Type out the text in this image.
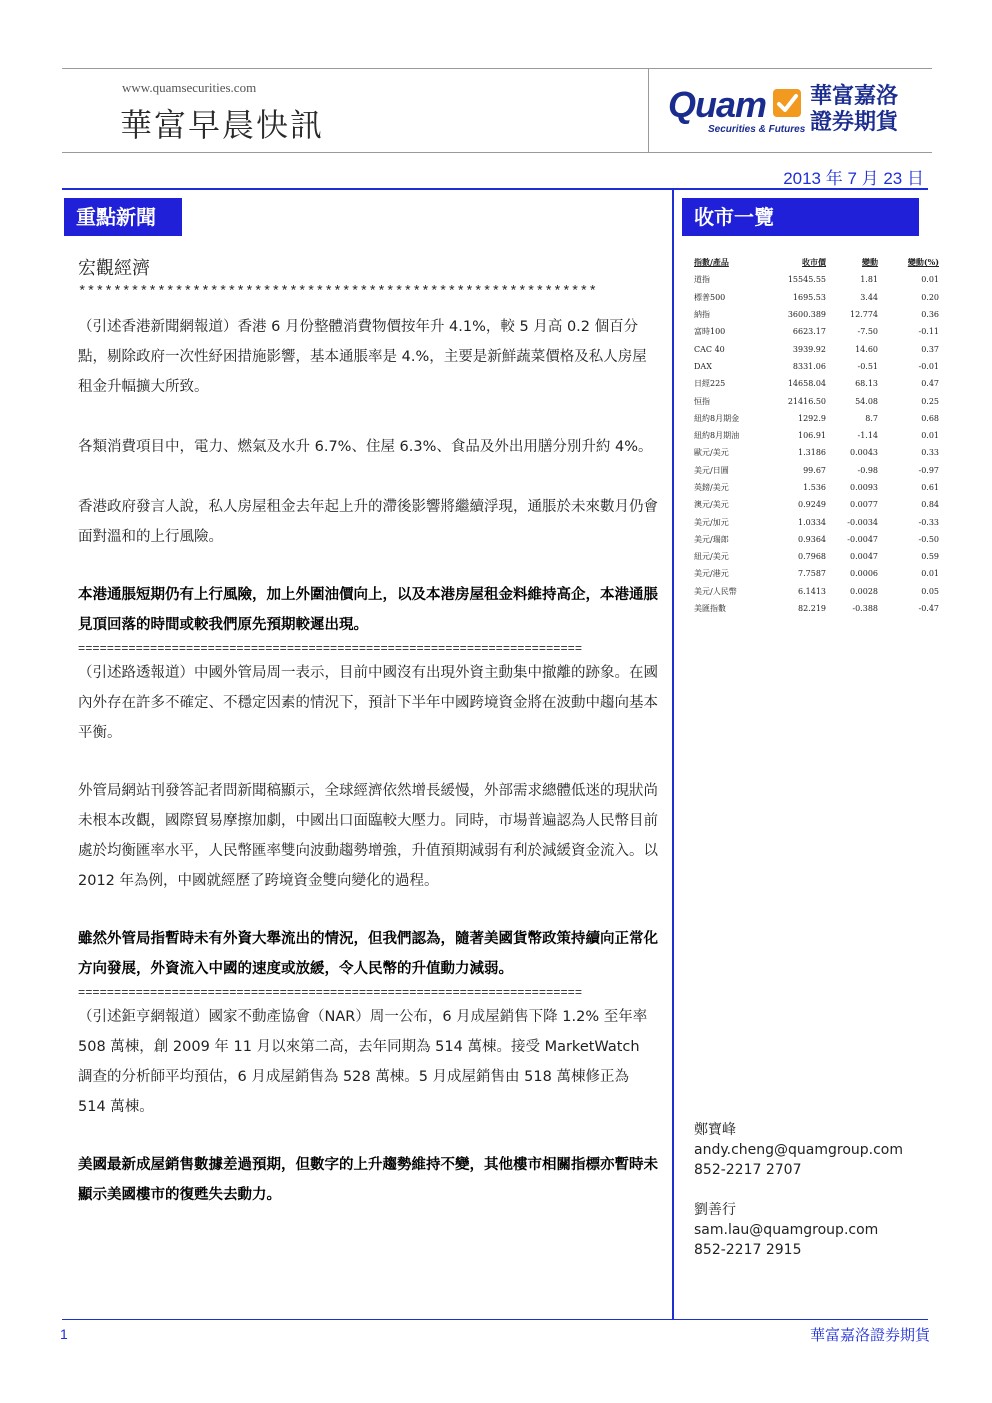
www.quamsecurities.com
華富早晨快訊	Quam
Securities & Futures
華富嘉洛
證券期貨
2013 年 7 月 23 日
重點新聞	收市一覽
宏觀經濟
***********************************************************

（引述香港新聞網報道）香港 6 月份整體消費物價按年升 4.1%，較 5 月高 0.2 個百分點，剔除政府一次性紓困措施影響，基本通脹率是 4.%，主要是新鮮蔬菜價格及私人房屋租金升幅擴大所致。

各類消費項目中，電力、燃氣及水升 6.7%、住屋 6.3%、食品及外出用膳分別升約 4%。

香港政府發言人說，私人房屋租金去年起上升的滯後影響將繼續浮現，通脹於未來數月仍會面對溫和的上行風險。

本港通脹短期仍有上行風險，加上外圍油價向上，以及本港房屋租金料維持高企，本港通脹見頂回落的時間或較我們原先預期較遲出現。

======================================================================

（引述路透報道）中國外管局周一表示，目前中國沒有出現外資主動集中撤離的跡象。在國內外存在許多不確定、不穩定因素的情況下，預計下半年中國跨境資金將在波動中趨向基本平衡。

外管局網站刊發答記者問新聞稿顯示，全球經濟依然增長緩慢，外部需求總體低迷的現狀尚未根本改觀，國際貿易摩擦加劇，中國出口面臨較大壓力。同時，市場普遍認為人民幣目前處於均衡匯率水平，人民幣匯率雙向波動趨勢增強，升值預期減弱有利於減緩資金流入。以 2012 年為例，中國就經歷了跨境資金雙向變化的過程。

雖然外管局指暫時未有外資大舉流出的情況，但我們認為，隨著美國貨幣政策持續向正常化方向發展，外資流入中國的速度或放緩，令人民幣的升值動力減弱。

======================================================================

（引述鉅亨網報道）國家不動產協會（NAR）周一公布，6 月成屋銷售下降 1.2% 至年率 508 萬棟，創 2009 年 11 月以來第二高，去年同期為 514 萬棟。接受 MarketWatch 調查的分析師平均預估，6 月成屋銷售為 528 萬棟。5 月成屋銷售由 518 萬棟修正為 514 萬棟。

美國最新成屋銷售數據差過預期，但數字的上升趨勢維持不變，其他樓市相關指標亦暫時未顯示美國樓市的復甦失去動力。

指數/產品	收市價	變動	變動(%)
道指	15545.55	1.81	0.01
標普500	1695.53	3.44	0.20
納指	3600.389	12.774	0.36
富時100	6623.17	-7.50	-0.11
CAC 40	3939.92	14.60	0.37
DAX	8331.06	-0.51	-0.01
日經225	14658.04	68.13	0.47
恒指	21416.50	54.08	0.25
紐約8月期金	1292.9	8.7	0.68
紐約8月期油	106.91	-1.14	0.01
歐元/美元	1.3186	0.0043	0.33
美元/日圓	99.67	-0.98	-0.97
英鎊/美元	1.536	0.0093	0.61
澳元/美元	0.9249	0.0077	0.84
美元/加元	1.0334	-0.0034	-0.33
美元/瑞郎	0.9364	-0.0047	-0.50
紐元/美元	0.7968	0.0047	0.59
美元/港元	7.7587	0.0006	0.01
美元/人民幣	6.1413	0.0028	0.05
美匯指數	82.219	-0.388	-0.47
鄭寶峰
andy.cheng@quamgroup.com
852-2217 2707
劉善行
sam.lau@quamgroup.com
852-2217 2915
1	華富嘉洛證券期貨
